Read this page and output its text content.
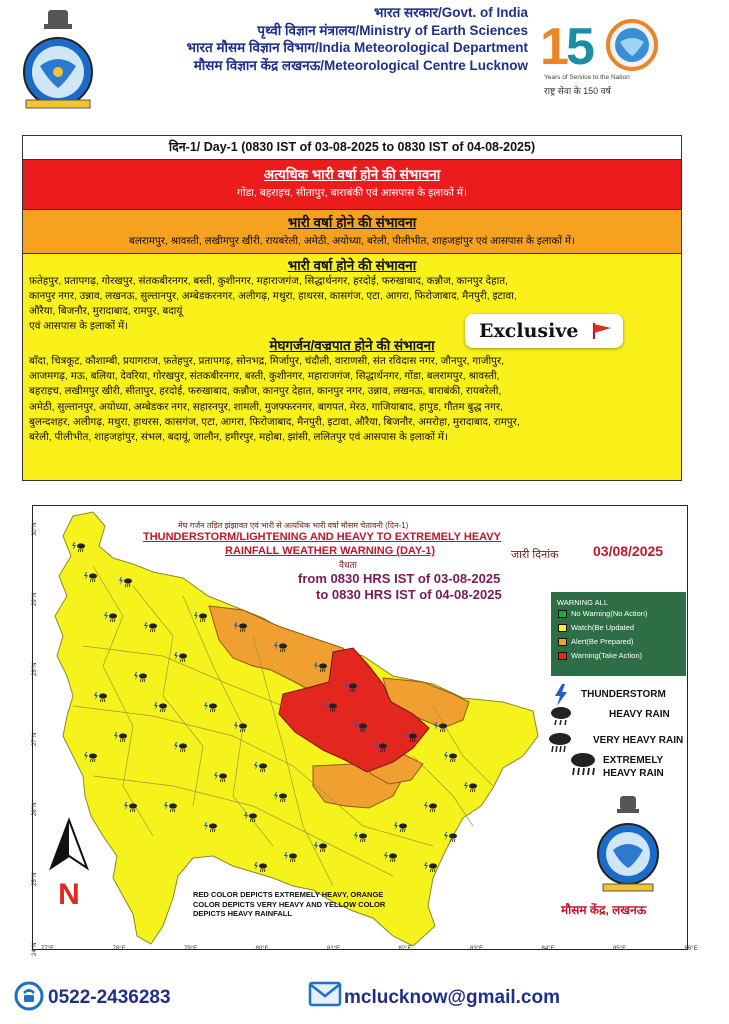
भारत सरकार/Govt. of India
पृथ्वी विज्ञान मंत्रालय/Ministry of Earth Sciences
भारत मौसम विज्ञान विभाग/India Meteorological Department
मौसम विज्ञान केंद्र लखनऊ/Meteorological Centre Lucknow 1
5
Years of Service to the Nation
राष्ट्र सेवा के 150 वर्ष
दिन-1/ Day-1 (0830 IST of 03-08-2025 to 0830 IST of 04-08-2025)
अत्यधिक भारी वर्षा होने की संभावना
गोंडा, बहराइच, सीतापुर, बाराबंकी एवं आसपास के इलाकों में।
भारी वर्षा होने की संभावना
बलरामपुर, श्रावस्ती, लखीमपुर खीरी, रायबरेली, अमेठी, अयोध्या, बरेली, पीलीभीत, शाहजहांपुर एवं आसपास के इलाकों में।
भारी वर्षा होने की संभावना
फ़तेहपुर, प्रतापगढ़, गोरखपुर, संतकबीरनगर, बस्ती, कुशीनगर, महाराजगंज, सिद्धार्थनगर, हरदोई, फरुखाबाद, कन्नौज, कानपुर देहात,
कानपुर नगर, उन्नाव, लखनऊ, सुल्तानपुर, अम्बेडकरनगर, अलीगढ़, मथुरा, हाथरस, कासगंज, एटा, आगरा, फिरोजाबाद, मैनपुरी, इटावा,
औरैया, बिजनौर, मुरादाबाद, रामपुर, बदायूं
एवं आसपास के इलाकों में।
मेघगर्जन/वज्रपात होने की संभावना
बाँदा, चित्रकूट, कौशाम्बी, प्रयागराज, फ़तेहपुर, प्रतापगढ़, सोनभद्र, मिर्जापुर, चंदौली, वाराणसी, संत रविदास नगर, जौनपुर, गाजीपुर,
आजमगढ़, मऊ, बलिया, देवरिया, गोरखपुर, संतकबीरनगर, बस्ती, कुशीनगर, महाराजगंज, सिद्धार्थनगर, गोंडा, बलरामपुर, श्रावस्ती,
बहराइच, लखीमपुर खीरी, सीतापुर, हरदोई, फरुखाबाद, कन्नौज, कानपुर देहात, कानपुर नगर, उन्नाव, लखनऊ, बाराबंकी, रायबरेली,
अमेठी, सुल्तानपुर, अयोध्या, अम्बेडकर नगर, सहारनपुर, शामली, मुजफ्फरनगर, बागपत, मेरठ, गाजियाबाद, हापुड, गौतम बुद्ध नगर,
बुलन्दशहर, अलीगढ़, मथुरा, हाथरस, कासगंज, एटा, आगरा, फिरोजाबाद, मैनपुरी, इटावा, औरैया, बिजनौर, अमरोहा, मुरादाबाद, रामपुर,
बरेली, पीलीभीत, शाहजहांपुर, संभल, बदायूं, जालौन, हमीरपुर, महोबा, झांसी, ललितपुर एवं आसपास के इलाकों में।
Exclusive
77°E	78°E	79°E	80°E	81°E	82°E	83°E	84°E	85°E	86°E
30°N
29°N
28°N
27°N
26°N
25°N
24°N
मेघ गर्जन तड़ित झंझावत एवं भारी से अत्यधिक भारी वर्षा मौसम चेतावनी (दिन-1)
THUNDERSTORM/LIGHTENING AND HEAVY TO EXTREMELY HEAVY
RAINFALL WEATHER WARNING (DAY-1)	जारी दिनांक 03/08/2025
वैधता
from 0830 HRS IST of 03-08-2025
to 0830 HRS IST of 04-08-2025
WARNING ALL
No Warning(No Action)
Watch(Be Updated
Alert(Be Prepared)
Warning(Take Action)
THUNDERSTORM
HEAVY RAIN
VERY HEAVY RAIN
EXTREMELY
HEAVY RAIN
N	RED COLOR DEPICTS EXTREMELY HEAVY, ORANGE
COLOR DEPICTS VERY HEAVY AND YELLOW COLOR
DEPICTS HEAVY RAINFALL	मौसम केंद्र, लखनऊ
0522-2436283	mclucknow@gmail.com
